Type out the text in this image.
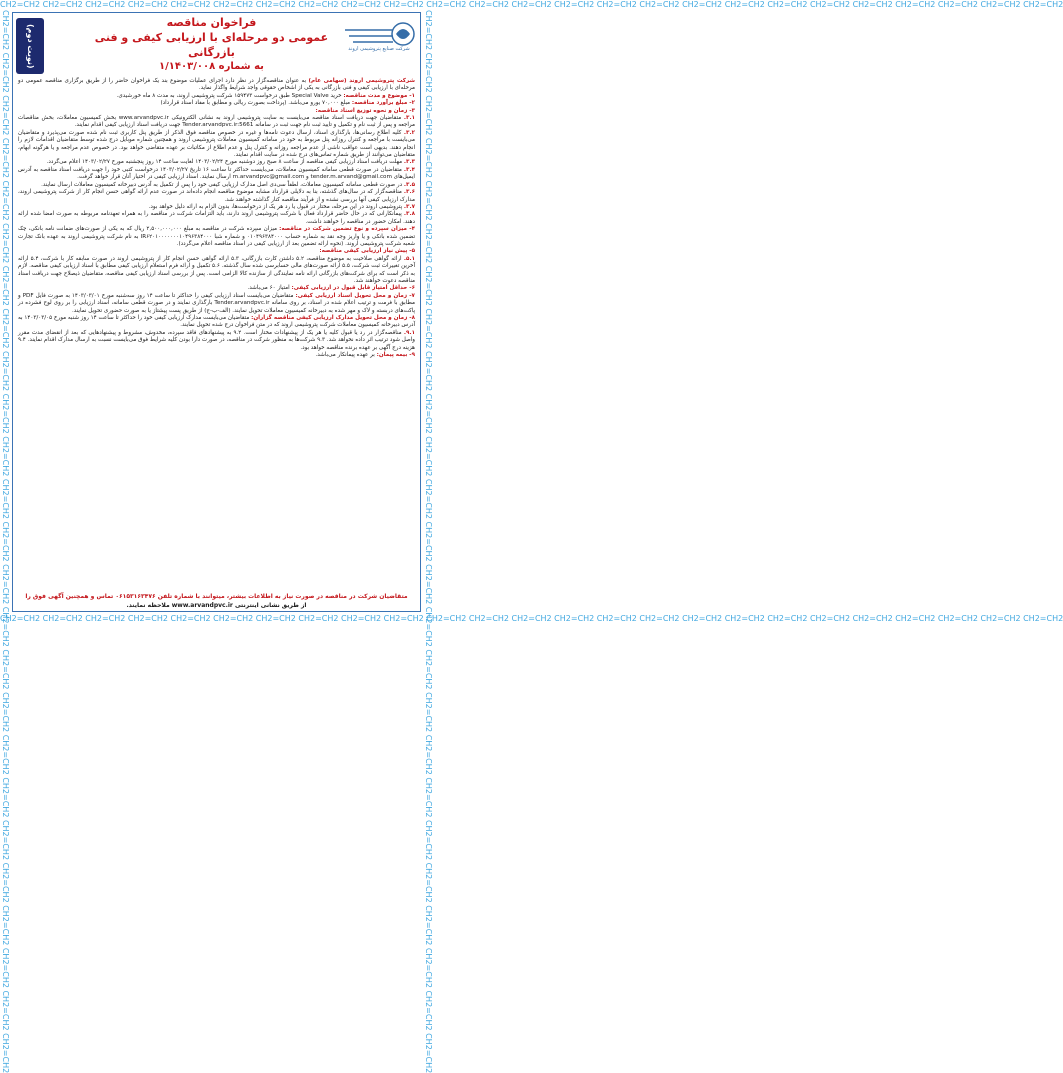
CH2=CH2 CH2=CH2 CH2=CH2 CH2=CH2 CH2=CH2 CH2=CH2 CH2=CH2 CH2=CH2 CH2=CH2 CH2=CH2 CH2=CH2 CH2=CH2 CH2=CH2 CH2=CH2 CH2=CH2 CH2=CH2 CH2=CH2 CH2=CH2 CH2=CH2 CH2=CH2 CH2=CH2 CH2=CH2 CH2=CH2 CH2=CH2 CH2=CH2
CH2=CH2 CH2=CH2 CH2=CH2 CH2=CH2 CH2=CH2 CH2=CH2 CH2=CH2 CH2=CH2 CH2=CH2 CH2=CH2 CH2=CH2 CH2=CH2 CH2=CH2 CH2=CH2 CH2=CH2 CH2=CH2 CH2=CH2 CH2=CH2 CH2=CH2 CH2=CH2 CH2=CH2 CH2=CH2 CH2=CH2 CH2=CH2 CH2=CH2
CH2=CH2 CH2=CH2 CH2=CH2 CH2=CH2 CH2=CH2 CH2=CH2 CH2=CH2 CH2=CH2 CH2=CH2 CH2=CH2 CH2=CH2 CH2=CH2 CH2=CH2 CH2=CH2 CH2=CH2 CH2=CH2 CH2=CH2 CH2=CH2 CH2=CH2 CH2=CH2 CH2=CH2 CH2=CH2 CH2=CH2 CH2=CH2 CH2=CH2	CH2=CH2 CH2=CH2 CH2=CH2 CH2=CH2 CH2=CH2 CH2=CH2 CH2=CH2 CH2=CH2 CH2=CH2 CH2=CH2 CH2=CH2 CH2=CH2 CH2=CH2 CH2=CH2 CH2=CH2 CH2=CH2 CH2=CH2 CH2=CH2 CH2=CH2 CH2=CH2 CH2=CH2 CH2=CH2 CH2=CH2 CH2=CH2 CH2=CH2
(نوبت دوم)
فراخوان مناقصه
عمومی دو مرحله‌ای با ارزیابی کیفی و فنی بازرگانی
به شماره ۱/۱۴۰۳/۰۰۸
شرکت صنایع پتروشیمی اروند

شرکت پتروشیمی اروند (سهامی عام) به عنوان مناقصه‌گزار در نظر دارد اجرای عملیات موضوع بند یک فراخوان حاضر را از طریق برگزاری مناقصه عمومی دو مرحله‌ای با ارزیابی کیفی و فنی بازرگانی به یکی از اشخاص حقوقی واجد شرایط واگذار نماید.

۱- موضوع و مدت مناقصه: خرید Special Valve طبق درخواست ۱۵۹۴۷۳ شرکت پتروشیمی اروند، به مدت ۸ ماه خورشیدی.

۲- مبلغ برآورد مناقصه: مبلغ ۷۰,۰۰۰ یورو می‌باشد. (پرداخت بصورت ریالی و مطابق با مفاد اسناد قرارداد)

۳- زمان و نحوه توزیع اسناد مناقصه:

۳.۱. متقاضیان جهت دریافت اسناد مناقصه می‌بایست به سایت پتروشیمی اروند به نشانی الکترونیکی www.arvandpvc.ir بخش کمیسیون معاملات، بخش مناقصات مراجعه و پس از ثبت نام و تکمیل و تایید ثبت نام جهت ثبت در سامانه Tender.arvandpvc.ir:5661 جهت دریافت اسناد ارزیابی کیفی اقدام نمایند.

۳.۲. کلیه اطلاع رسانی‌ها، بارگذاری اسناد، ارسال دعوت نامه‌ها و غیره در خصوص مناقصه فوق الذکر از طریق پنل کاربری ثبت نام شده صورت می‌پذیرد و متقاضیان می‌بایست با مراجعه و کنترل روزانه پنل مربوط به خود در سامانه کمیسیون معاملات پتروشیمی اروند و همچنین شماره موبایل درج شده توسط متقاضیان اقدامات لازم را انجام دهند. بدیهی است عواقب ناشی از عدم مراجعه روزانه و کنترل پنل و عدم اطلاع از مکاتبات بر عهده متقاضی خواهد بود. در خصوص عدم مراجعه و یا هرگونه ابهام، متقاضیان می‌توانند از طریق شماره تماس‌های درج شده در سایت اقدام نمایند.

۳.۳. مهلت دریافت اسناد ارزیابی کیفی مناقصه از ساعت ۸ صبح روز دوشنبه مورخ ۱۴۰۳/۰۲/۲۴ لغایت ساعت ۱۴ روز پنجشنبه مورخ ۱۴۰۳/۰۲/۲۷ اعلام می‌گردد.

۳.۴. متقاضیان در صورت قطعی سامانه کمیسیون معاملات، می‌بایست حداکثر تا ساعت ۱۶ تاریخ ۱۴۰۳/۰۲/۲۷ درخواست کتبی خود را جهت دریافت اسناد مناقصه به آدرس ایمیل‌های tender.m.arvand@gmail.com و m.arvandpvc@gmail.com ارسال نمایند. اسناد ارزیابی کیفی در اختیار آنان قرار خواهد گرفت.

۳.۵. در صورت قطعی سامانه کمیسیون معاملات، لطفاً سی‌دی اصل مدارک ارزیابی کیفی خود را پس از تکمیل به آدرس دبیرخانه کمیسیون معاملات ارسال نمایند.

۳.۶. مناقصه‌گزار که در سال‌های گذشته، بنا به دلایلی قرارداد مشابه موضوع مناقصه انجام داده‌اند در صورت عدم ارائه گواهی حسن انجام کار از شرکت پتروشیمی اروند، مدارک ارزیابی کیفی آنها بررسی نشده و از فرآیند مناقصه کنار گذاشته خواهند شد.

۳.۷. پتروشیمی اروند در این مرحله، مختار در قبول یا رد هر یک از درخواست‌ها، بدون الزام به ارائه دلیل خواهد بود.

۳.۸. پیمانکارانی که در حال حاضر قرارداد فعال با شرکت پتروشیمی اروند دارند، باید التزامات شرکت در مناقصه را به همراه تعهدنامه مربوطه به صورت امضا شده ارائه دهند. امکان حضور در مناقصه را خواهند داشت.

۴- میزان سپرده و نوع تضمین شرکت در مناقصه: میزان سپرده شرکت در مناقصه به مبلغ ۲,۵۰۰,۰۰۰,۰۰۰ ریال که به یکی از صورت‌های ضمانت نامه بانکی، چک تضمین شده بانکی و یا واریز وجه نقد به شماره حساب ۰۱۰۴۹۶۳۸۴۰۰۰ و شماره شبا IR۶۲۰۱۰۰۰۰۰۰۰۱۰۴۹۶۳۸۴۰۰۰ به نام شرکت پتروشیمی اروند به عهده بانک تجارت شعبه شرکت پتروشیمی اروند. (نحوه ارائه تضمین بعد از ارزیابی کیفی در اسناد مناقصه اعلام می‌گردد).

۵- پیش نیاز ارزیابی کیفی مناقصه:

۵.۱. ارائه گواهی صلاحیت به موضوع مناقصه، ۵.۲ داشتن کارت بازرگانی، ۵.۳ ارائه گواهی حسن انجام کار از پتروشیمی اروند در صورت سابقه کار با شرکت، ۵.۴ ارائه آخرین تغییرات ثبت شرکت، ۵.۵ ارائه صورت‌های مالی حسابرسی شده سال گذشته. ۵.۶ تکمیل و ارائه فرم استعلام ارزیابی کیفی مطابق با اسناد ارزیابی کیفی مناقصه. لازم به ذکر است که برای شرکت‌های بازرگانی ارائه نامه نمایندگی از سازنده کالا الزامی است. پس از بررسی اسناد ارزیابی کیفی مناقصه، متقاضیان ذیصلاح جهت دریافت اسناد مناقصه دعوت خواهند شد.

۶- حداقل امتیاز قابل قبول در ارزیابی کیفی: امتیاز ۶۰ می‌باشد.

۷- زمان و محل تحویل اسناد ارزیابی کیفی: متقاضیان می‌بایست اسناد ارزیابی کیفی را حداکثر تا ساعت ۱۴ روز سه‌شنبه مورخ ۱۴۰۳/۰۳/۰۱ به صورت فایل PDF و مطابق با فرمت و ترتیب اعلام شده در اسناد، بر روی سامانه Tender.arvandpvc.ir بارگذاری نمایند و در صورت قطعی سامانه، اسناد ارزیابی را بر روی لوح فشرده در پاکت‌های دربسته و لاک و مهر شده به دبیرخانه کمیسیون معاملات تحویل نمایند. (الف-ب-ج) از طریق پست پیشتاز یا به صورت حضوری تحویل نمایند.

۸- زمان و محل تحویل مدارک ارزیابی کیفی مناقصه گزاران: متقاضیان می‌بایست مدارک ارزیابی کیفی خود را حداکثر تا ساعت ۱۴ روز شنبه مورخ ۱۴۰۳/۰۳/۰۵ به آدرس دبیرخانه کمیسیون معاملات شرکت پتروشیمی اروند که در متن فراخوان درج شده تحویل نمایند.

۹.۱. مناقصه‌گزار در رد یا قبول کلیه یا هر یک از پیشنهادات مختار است. ۹.۲ به پیشنهادهای فاقد سپرده، مخدوش، مشروط و پیشنهادهایی که بعد از انقضای مدت مقرر واصل شود ترتیب اثر داده نخواهد شد. ۹.۳ شرکت‌ها به منظور شرکت در مناقصه، در صورت دارا بودن کلیه شرایط فوق می‌بایست نسبت به ارسال مدارک اقدام نمایند. ۹.۴ هزینه درج آگهی بر عهده برنده مناقصه خواهد بود.

۹- بیمه پیمان: بر عهده پیمانکار می‌باشد.

متقاضیان شرکت در مناقصه در صورت نیاز به اطلاعات بیشتر، میتوانند با شماره تلفن ۰۶۱۵۳۱۶۳۴۷۶ تماس و همچنین آگهی فوق را
از طریق نشانی اینترنتی www.arvandpvc.ir ملاحظه نمایند.
